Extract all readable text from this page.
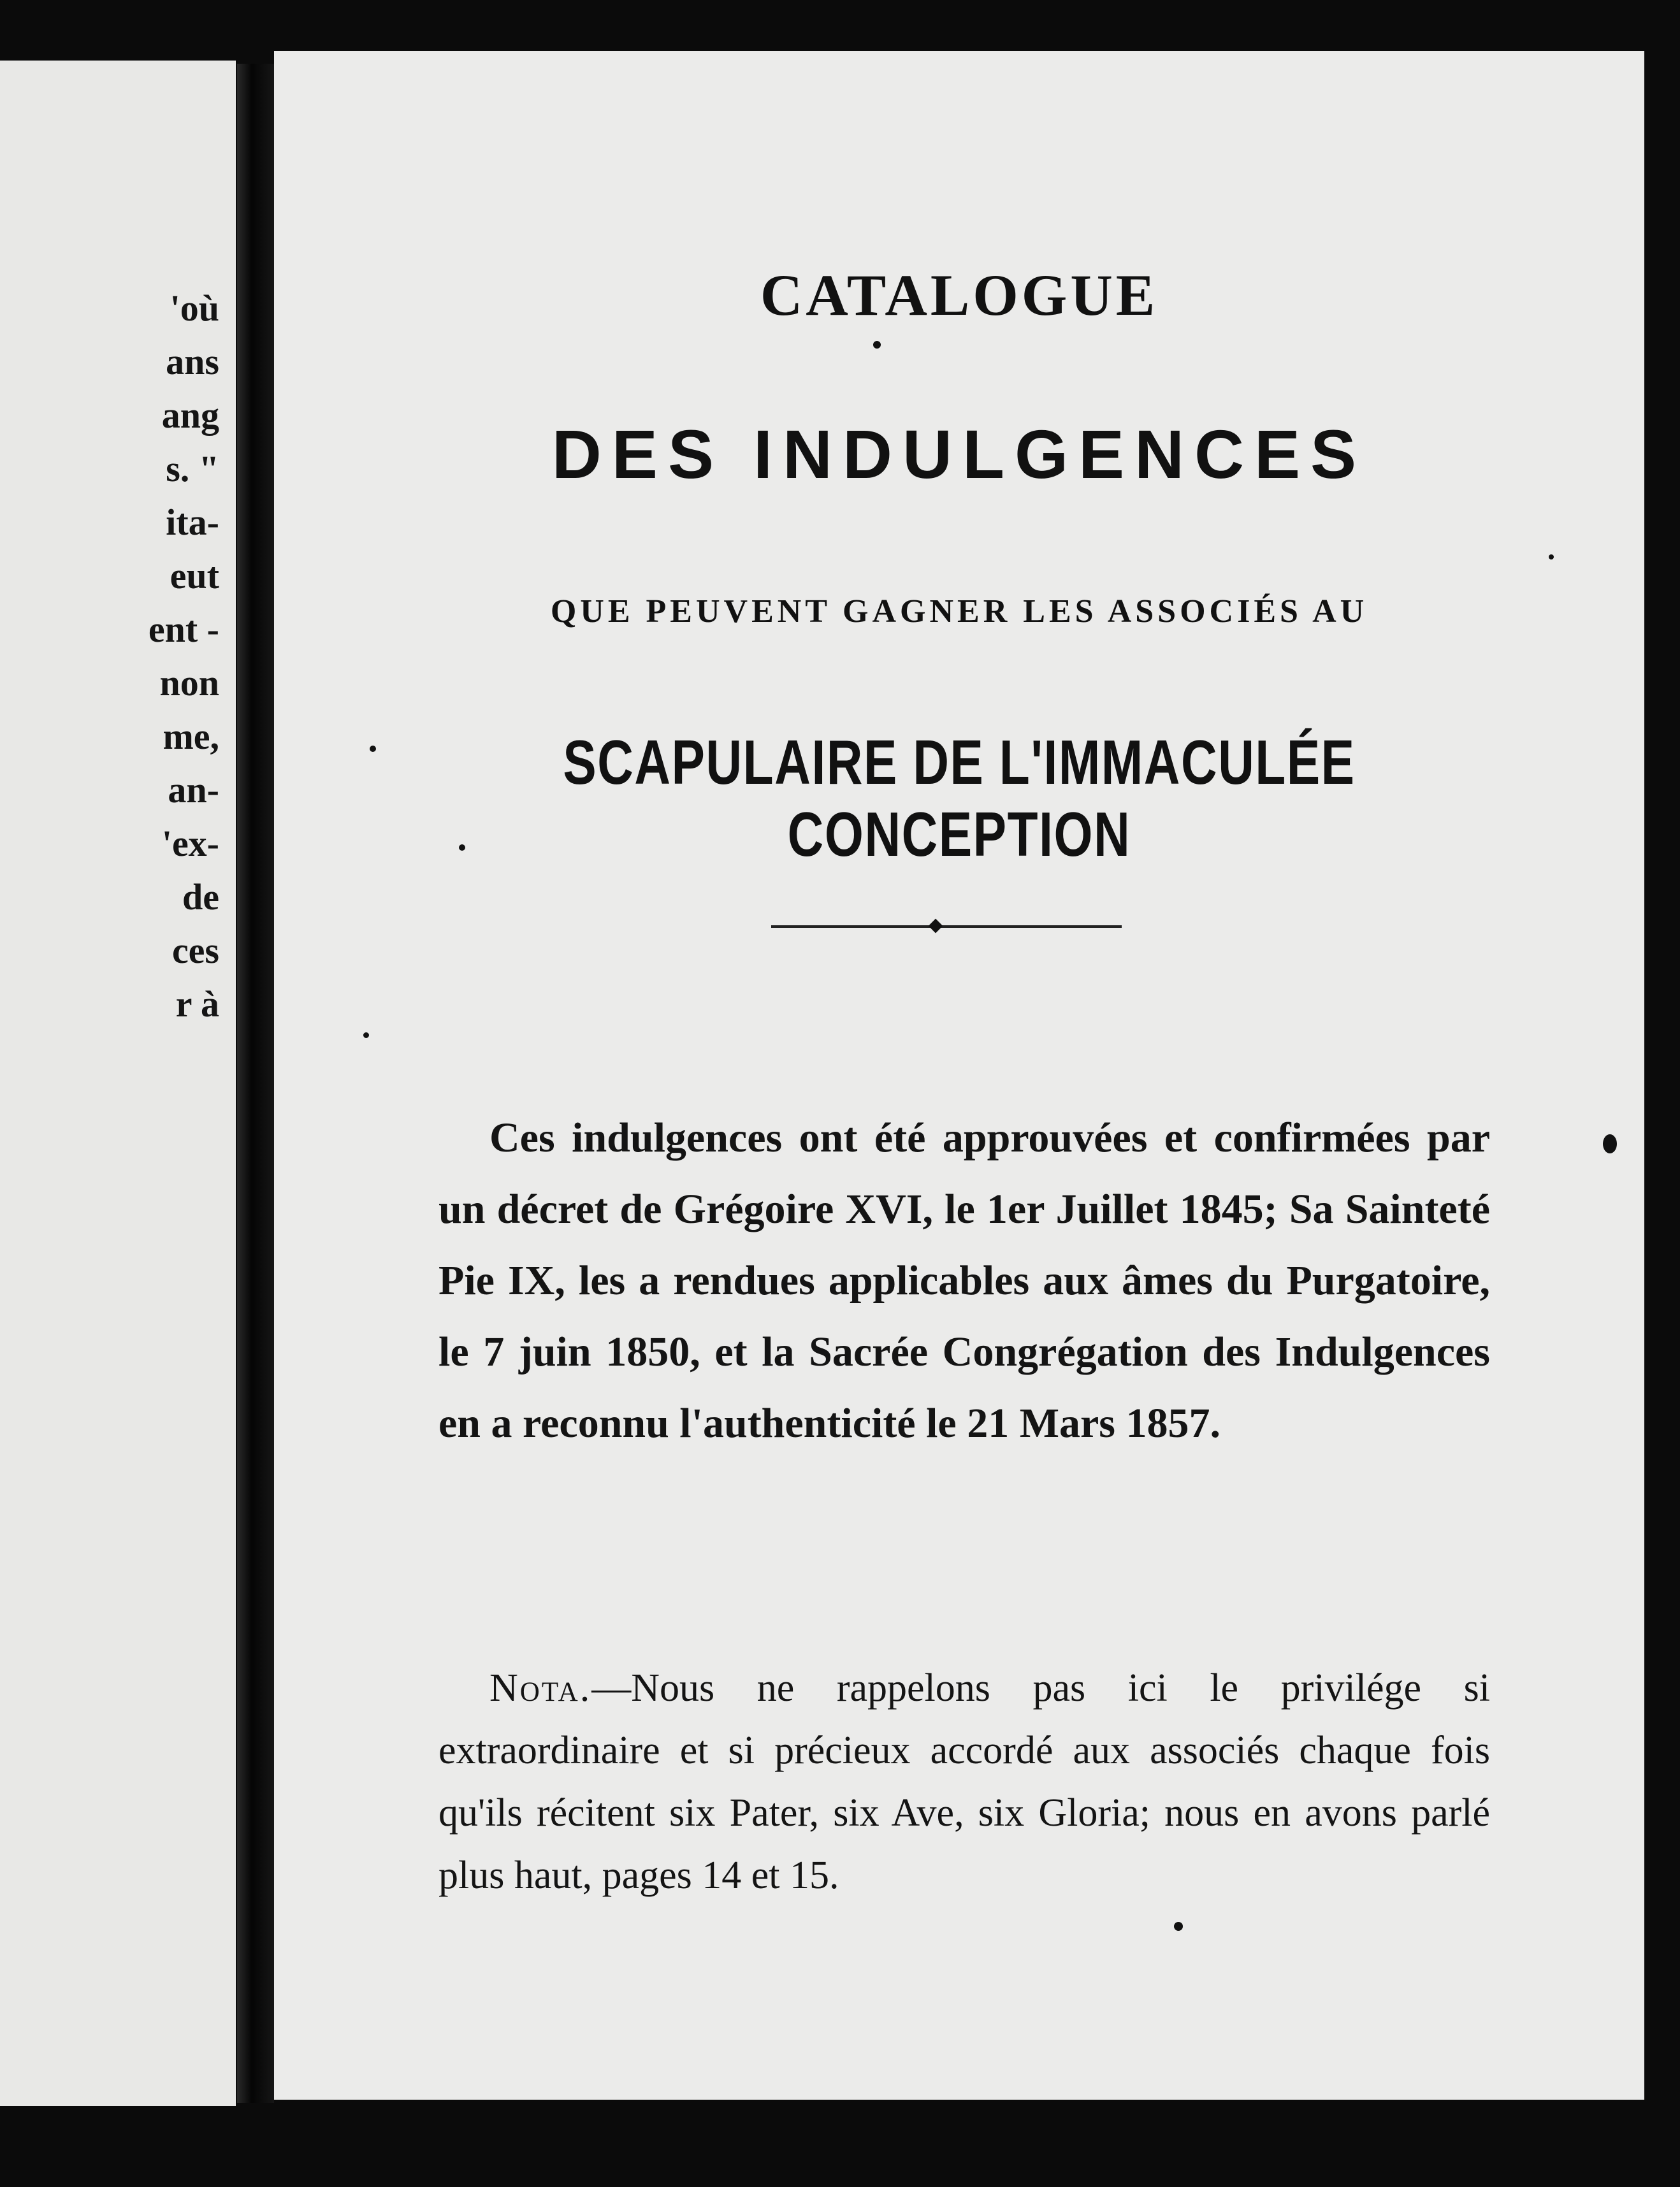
'où
ans
ang
s. "
ita-
eut
ent -
non
me,
an-
'ex-
de
ces
r à
CATALOGUE
DES INDULGENCES
QUE PEUVENT GAGNER LES ASSOCIÉS AU
SCAPULAIRE DE L'IMMACULÉE CONCEPTION
Ces indulgences ont été approuvées et confirmées par un décret de Grégoire XVI, le 1er Juillet 1845; Sa Sainteté Pie IX, les a rendues applicables aux âmes du Purgatoire, le 7 juin 1850, et la Sacrée Congrégation des Indulgences en a reconnu l'authenticité le 21 Mars 1857.
Nota.—Nous ne rappelons pas ici le privilége si extraordinaire et si précieux accordé aux associés chaque fois qu'ils récitent six Pater, six Ave, six Gloria; nous en avons parlé plus haut, pages 14 et 15.
